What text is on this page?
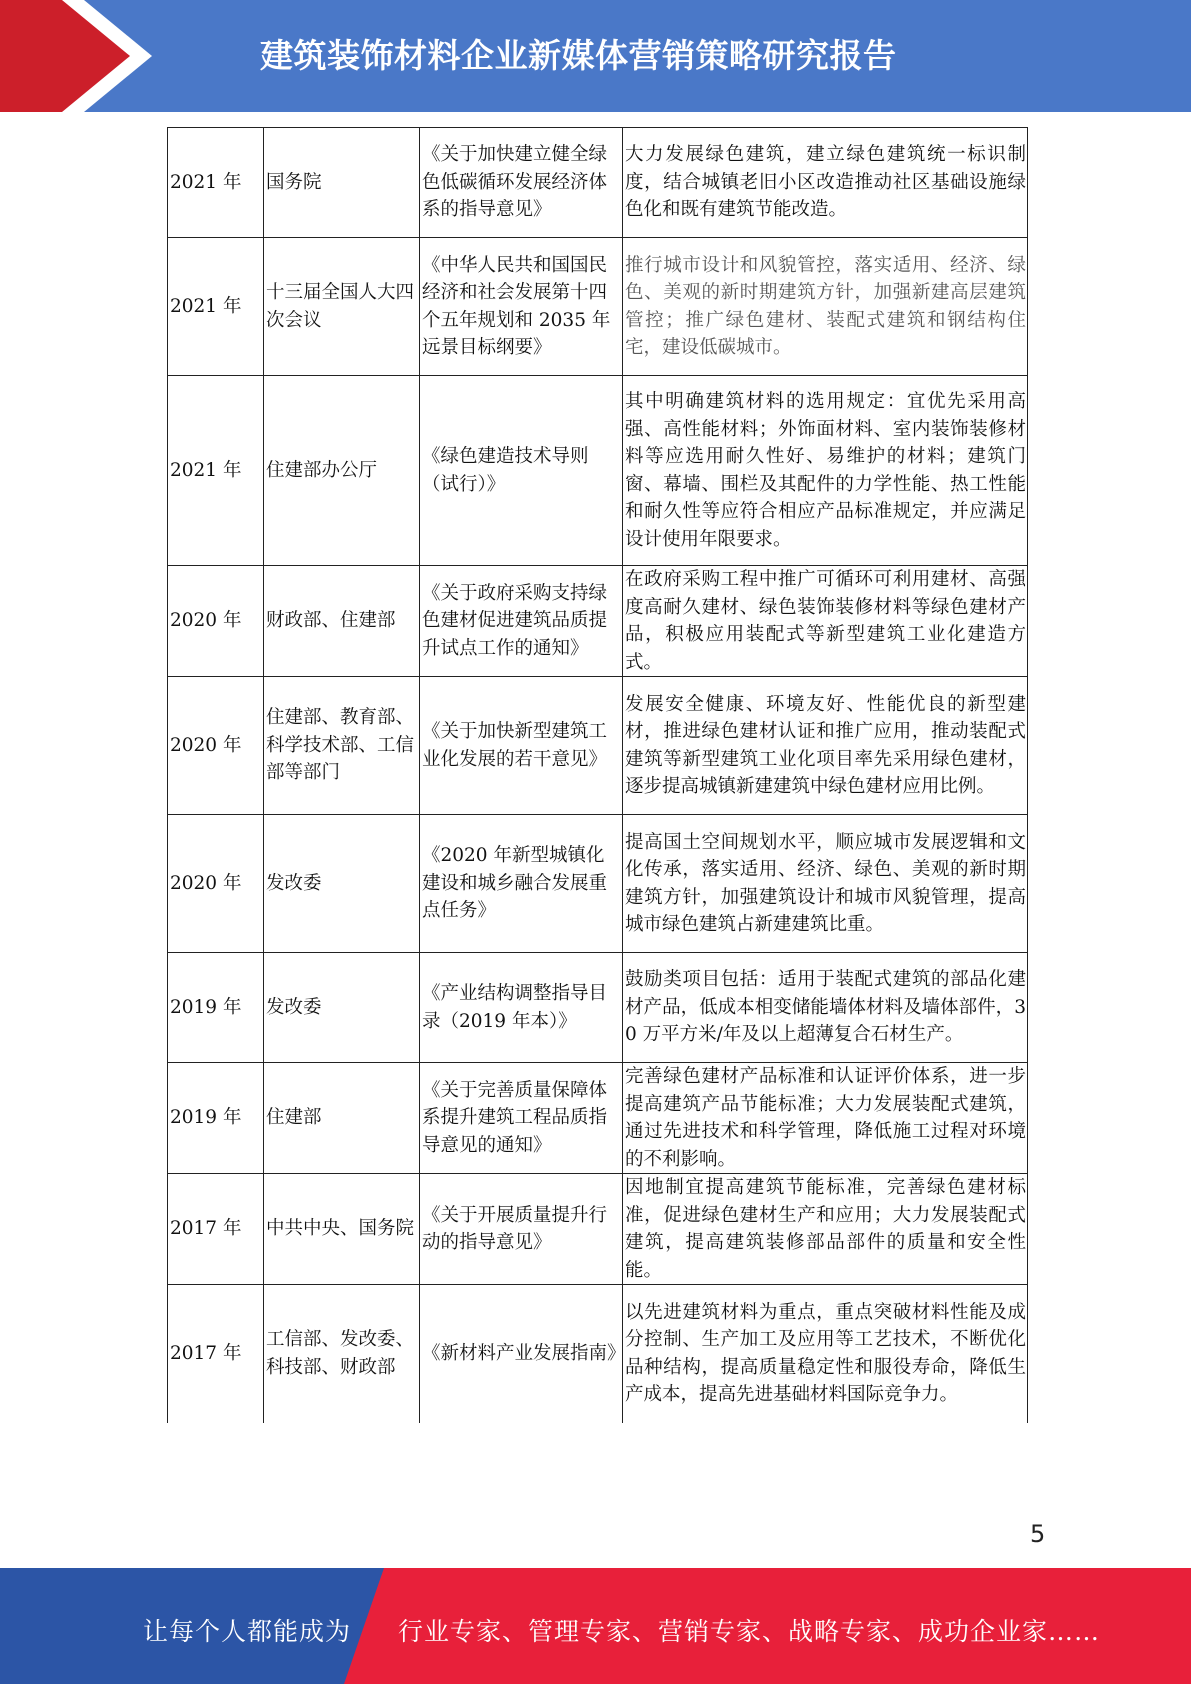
建筑装饰材料企业新媒体营销策略研究报告
2021 年	国务院	《关于加快建立健全绿色低碳循环发展经济体系的指导意见》	大力发展绿色建筑，建立绿色建筑统一标识制度，结合城镇老旧小区改造推动社区基础设施绿色化和既有建筑节能改造。
2021 年	十三届全国人大四次会议	《中华人民共和国国民经济和社会发展第十四个五年规划和 2035 年远景目标纲要》	推行城市设计和风貌管控，落实适用、经济、绿色、美观的新时期建筑方针，加强新建高层建筑管控；推广绿色建材、装配式建筑和钢结构住宅，建设低碳城市。
2021 年	住建部办公厅	《绿色建造技术导则（试行）》	其中明确建筑材料的选用规定：宜优先采用高强、高性能材料；外饰面材料、室内装饰装修材料等应选用耐久性好、易维护的材料；建筑门窗、幕墙、围栏及其配件的力学性能、热工性能和耐久性等应符合相应产品标准规定，并应满足设计使用年限要求。
2020 年	财政部、住建部	《关于政府采购支持绿色建材促进建筑品质提升试点工作的通知》	在政府采购工程中推广可循环可利用建材、高强度高耐久建材、绿色装饰装修材料等绿色建材产品，积极应用装配式等新型建筑工业化建造方式。
2020 年	住建部、教育部、科学技术部、工信部等部门	《关于加快新型建筑工业化发展的若干意见》	发展安全健康、环境友好、性能优良的新型建材，推进绿色建材认证和推广应用，推动装配式建筑等新型建筑工业化项目率先采用绿色建材，逐步提高城镇新建建筑中绿色建材应用比例。
2020 年	发改委	《2020 年新型城镇化建设和城乡融合发展重点任务》	提高国土空间规划水平，顺应城市发展逻辑和文化传承，落实适用、经济、绿色、美观的新时期建筑方针，加强建筑设计和城市风貌管理，提高城市绿色建筑占新建建筑比重。
2019 年	发改委	《产业结构调整指导目录（2019 年本）》	鼓励类项目包括：适用于装配式建筑的部品化建材产品，低成本相变储能墙体材料及墙体部件，30 万平方米/年及以上超薄复合石材生产。
2019 年	住建部	《关于完善质量保障体系提升建筑工程品质指导意见的通知》	完善绿色建材产品标准和认证评价体系，进一步提高建筑产品节能标准；大力发展装配式建筑，通过先进技术和科学管理，降低施工过程对环境的不利影响。
2017 年	中共中央、国务院	《关于开展质量提升行动的指导意见》	因地制宜提高建筑节能标准，完善绿色建材标准，促进绿色建材生产和应用；大力发展装配式建筑，提高建筑装修部品部件的质量和安全性能。
2017 年	工信部、发改委、科技部、财政部	《新材料产业发展指南》	以先进建筑材料为重点，重点突破材料性能及成分控制、生产加工及应用等工艺技术，不断优化品种结构，提高质量稳定性和服役寿命，降低生产成本，提高先进基础材料国际竞争力。
5
让每个人都能成为 行业专家、管理专家、营销专家、战略专家、成功企业家……
